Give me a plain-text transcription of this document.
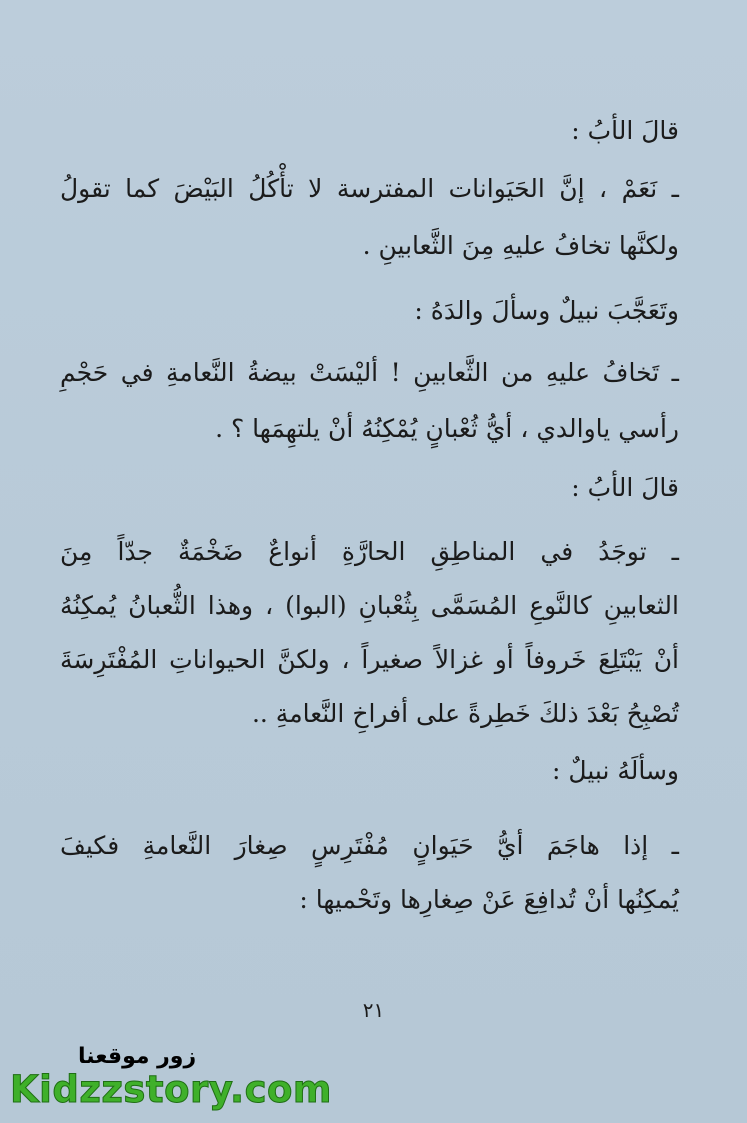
قالَ الأبُ :
ـ نَعَمْ ، إنَّ الحَيَوانات المفترسة لا تأْكُلُ البَيْضَ كما تقولُ
ولكنَّها تخافُ عليهِ مِنَ الثَّعابينِ .
وتَعَجَّبَ نبيلٌ وسألَ والدَهُ :
ـ تَخافُ عليهِ من الثَّعابينِ ! أليْسَتْ بيضةُ النَّعامةِ في حَجْمِ
رأسي ياوالدي ، أيُّ ثُعْبانٍ يُمْكِنُهُ أنْ يلتهِمَها ؟ .
قالَ الأبُ :
ـ توجَدُ في المناطِقِ الحارَّةِ أنواعٌ ضَخْمَةٌ جدّاً مِنَ
الثعابينِ كالنَّوعِ المُسَمَّى بِثُعْبانِ (البوا) ، وهذا الثُّعبانُ يُمكِنُهُ
أنْ يَبْتَلِعَ خَروفاً أو غزالاً صغيراً ، ولكنَّ الحيواناتِ المُفْتَرِسَةَ
تُصْبِحُ بَعْدَ ذلكَ خَطِرةً على أفراخِ النَّعامةِ ..
وسألَهُ نبيلٌ :
ـ إذا هاجَمَ أيُّ حَيَوانٍ مُفْتَرِسٍ صِغارَ النَّعامةِ فكيفَ
يُمكِنُها أنْ تُدافِعَ عَنْ صِغارِها وتَحْميها :
٢١
زور موقعنا
Kidzzstory.com
